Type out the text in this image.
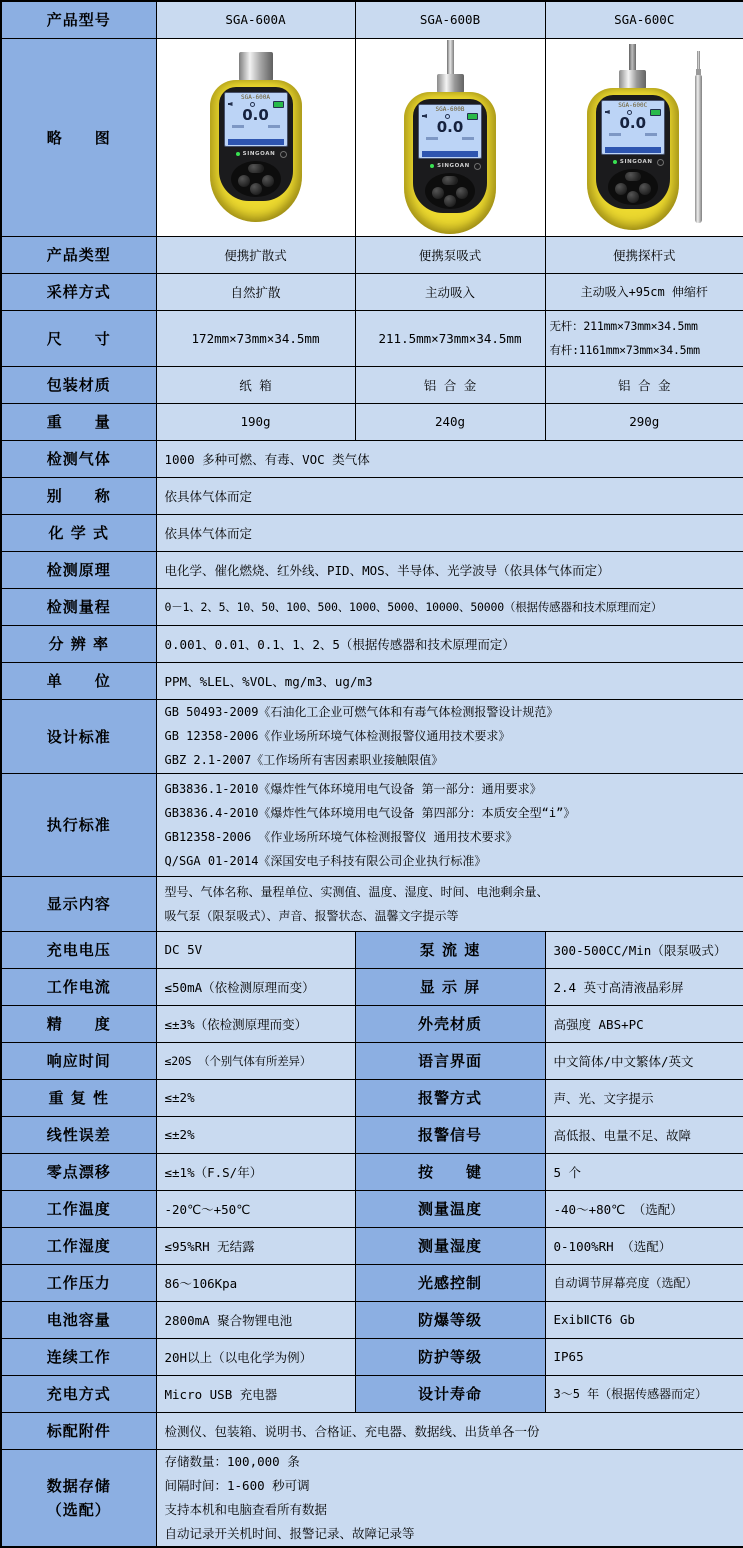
产品型号	SGA-600A	SGA-600B	SGA-600C
略　　图	
SGA-600A
0.0
SINGOAN

SGA-600B
0.0
SINGOAN

SGA-600C
0.0
SINGOAN

产品类型	便携扩散式	便携泵吸式	便携探杆式
采样方式	自然扩散	主动吸入	主动吸入+95cm 伸缩杆
尺　　寸	172mm×73mm×34.5mm	211.5mm×73mm×34.5mm	无杆：211mm×73mm×34.5mm
有杆:1161mm×73mm×34.5mm

包装材质	纸 箱	铝 合 金	铝 合 金
重　　量	190g	240g	290g
检测气体	1000 多种可燃、有毒、VOC 类气体		
别　　称	依具体气体而定		
化 学 式	依具体气体而定		
检测原理	电化学、催化燃烧、红外线、PID、MOS、半导体、光学波导（依具体气体而定）		
检测量程	0－1、2、5、10、50、100、500、1000、5000、10000、50000（根据传感器和技术原理而定）		
分 辨 率	0.001、0.01、0.1、1、2、5（根据传感器和技术原理而定）		
单　　位	PPM、%LEL、%VOL、mg/m3、ug/m3		
设计标准	GB 50493-2009《石油化工企业可燃气体和有毒气体检测报警设计规范》
GB 12358-2006《作业场所环境气体检测报警仪通用技术要求》
GBZ 2.1-2007《工作场所有害因素职业接触限值》		

执行标准	GB3836.1-2010《爆炸性气体环境用电气设备 第一部分：通用要求》
GB3836.4-2010《爆炸性气体环境用电气设备 第四部分：本质安全型“i”》
GB12358-2006 《作业场所环境气体检测报警仪 通用技术要求》
Q/SGA 01-2014《深国安电子科技有限公司企业执行标准》		

显示内容	型号、气体名称、量程单位、实测值、温度、湿度、时间、电池剩余量、
吸气泵（限泵吸式）、声音、报警状态、温馨文字提示等		

充电电压	DC 5V	泵 流 速	300-500CC/Min（限泵吸式）
工作电流	≤50mA（依检测原理而变）	显 示 屏	2.4 英寸高清液晶彩屏
精　　度	≤±3%（依检测原理而变）	外壳材质	高强度 ABS+PC
响应时间	≤20S （个别气体有所差异）	语言界面	中文简体/中文繁体/英文
重 复 性	≤±2%	报警方式	声、光、文字提示
线性误差	≤±2%	报警信号	高低报、电量不足、故障
零点漂移	≤±1%（F.S/年）	按　　键	5 个
工作温度	-20℃～+50℃	测量温度	-40～+80℃ （选配）
工作湿度	≤95%RH 无结露	测量湿度	0-100%RH （选配）
工作压力	86～106Kpa	光感控制	自动调节屏幕亮度（选配）
电池容量	2800mA 聚合物锂电池	防爆等级	ExibⅡCT6 Gb
连续工作	20H以上（以电化学为例）	防护等级	IP65
充电方式	Micro USB 充电器	设计寿命	3～5 年（根据传感器而定）
标配附件	检测仪、包装箱、说明书、合格证、充电器、数据线、出货单各一份		

数据存储
（选配）

存储数量：100,000 条
间隔时间：1-600 秒可调
支持本机和电脑查看所有数据
自动记录开关机时间、报警记录、故障记录等
